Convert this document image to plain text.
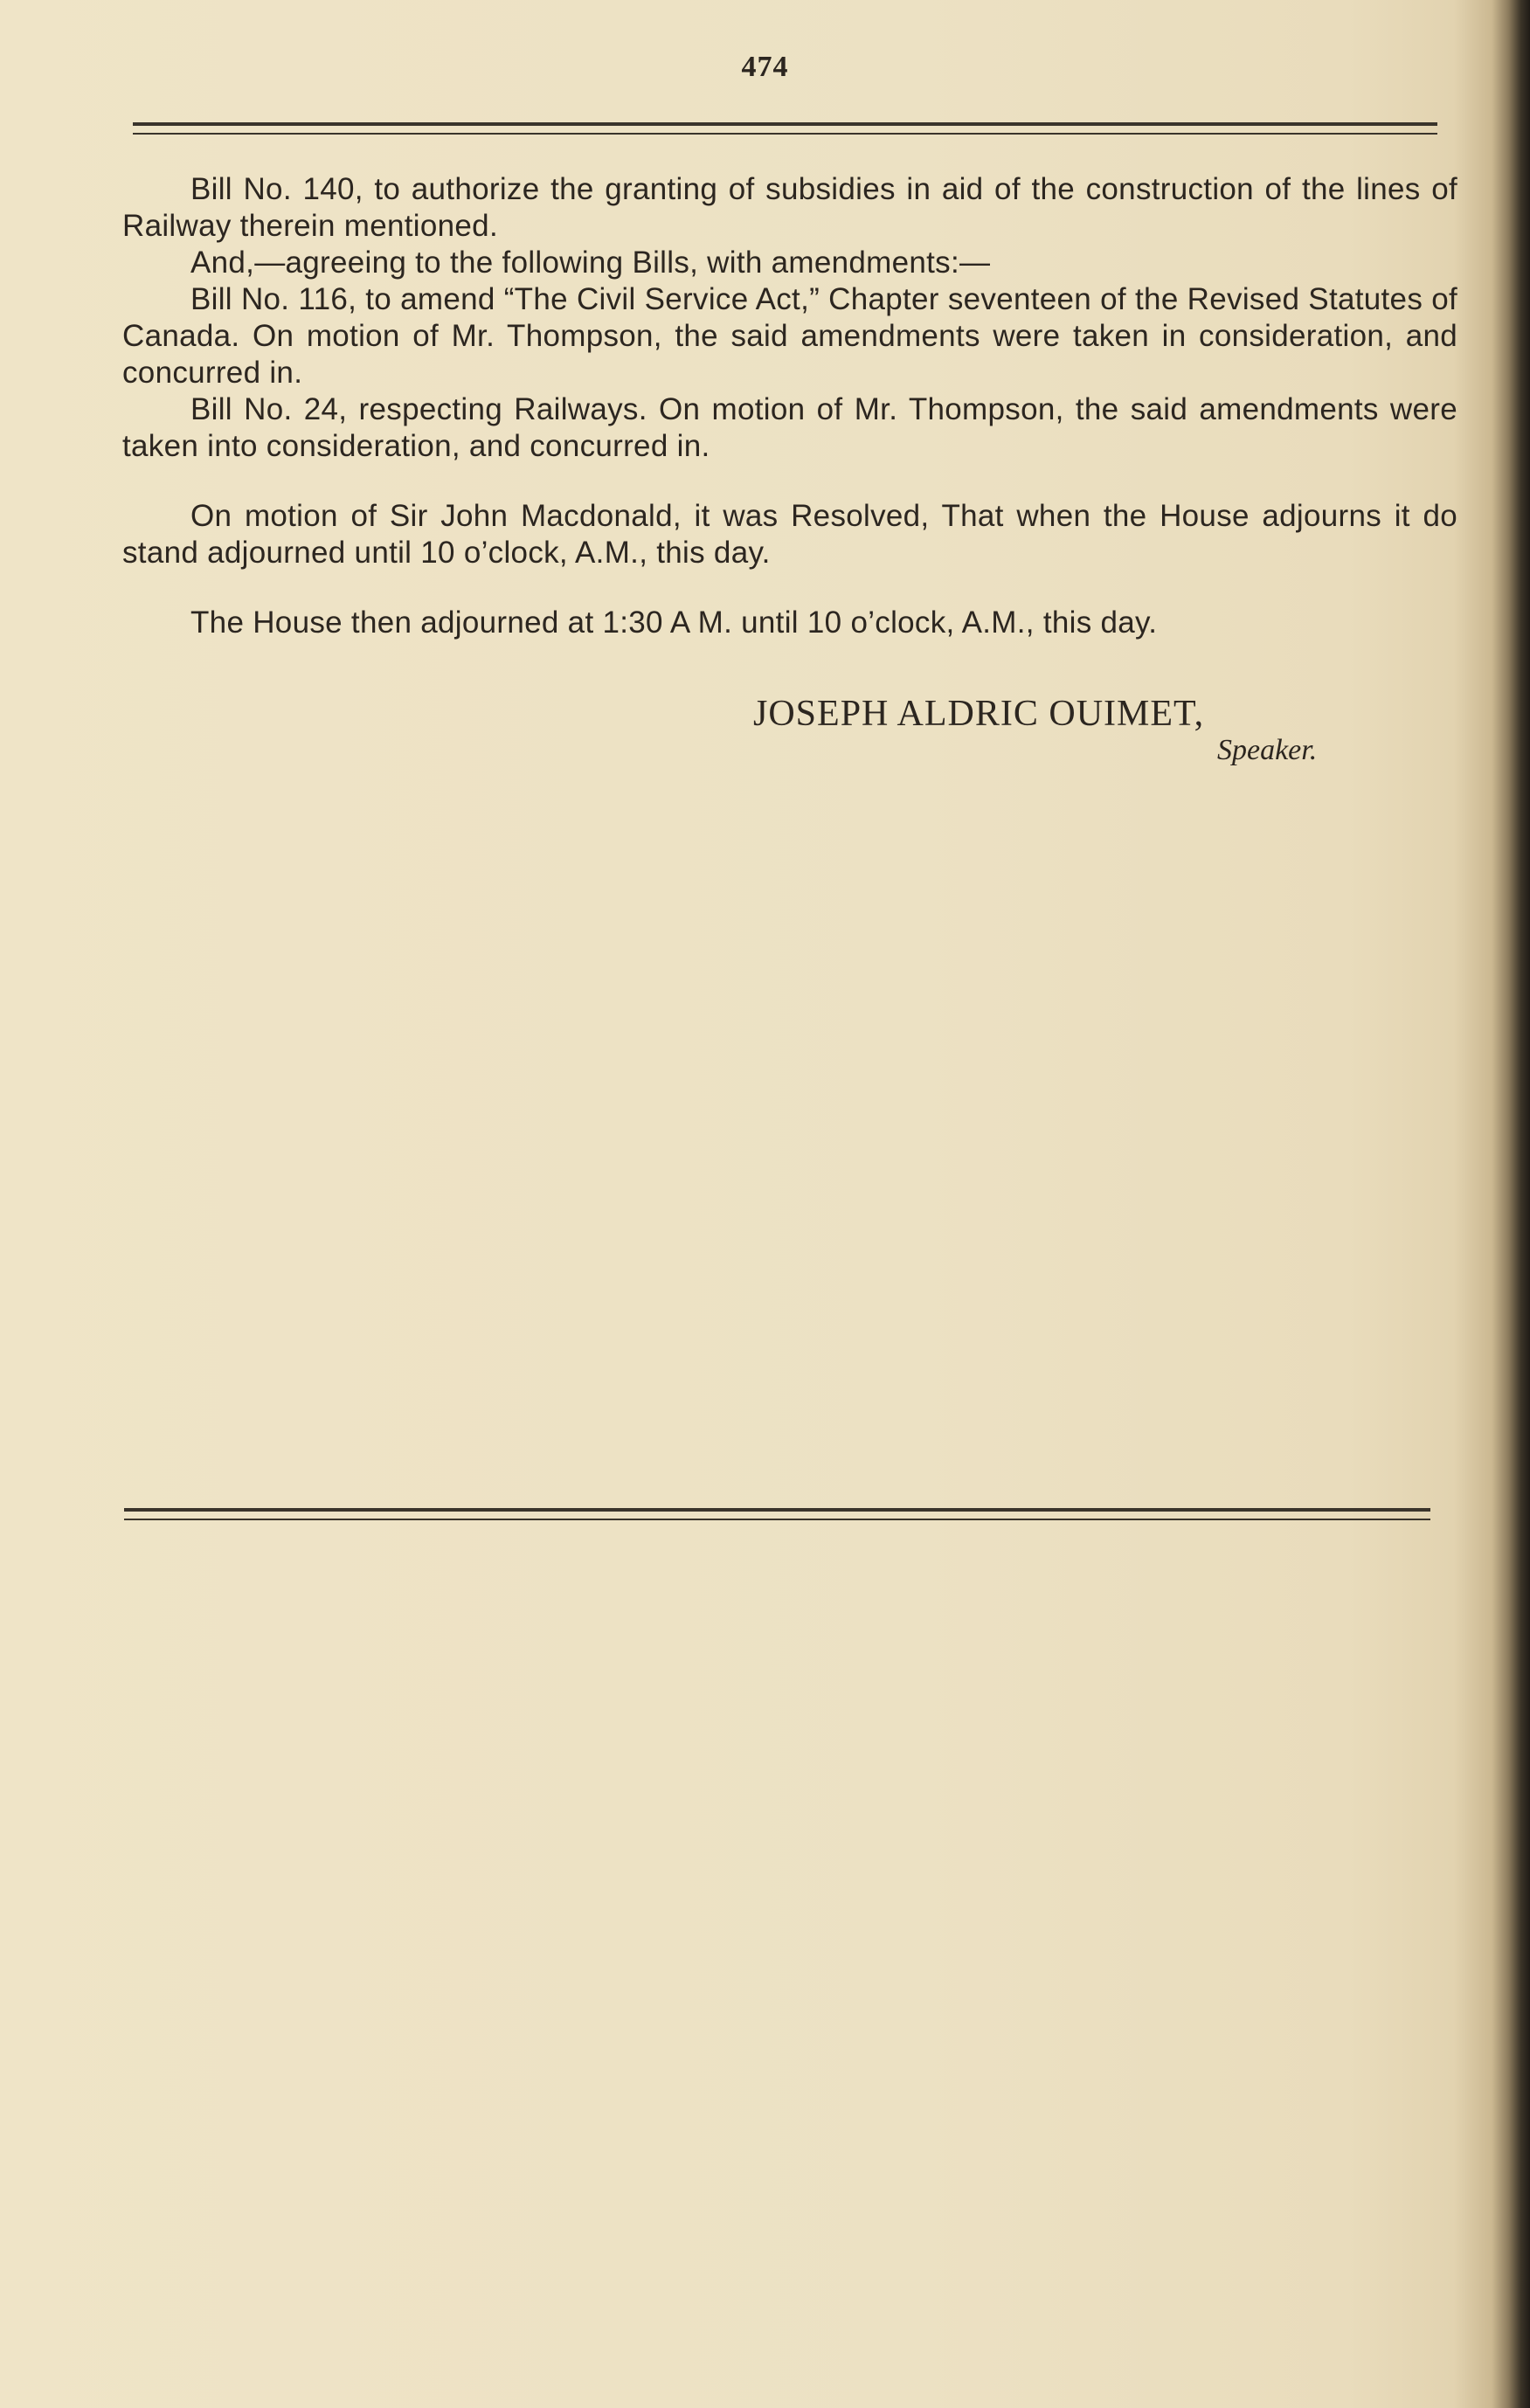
474

Bill No. 140, to authorize the granting of subsidies in aid of the construction of the lines of Railway therein mentioned.

And,—agreeing to the following Bills, with amendments:—

Bill No. 116, to amend “The Civil Service Act,” Chapter seventeen of the Revised Statutes of Canada. On motion of Mr. Thompson, the said amendments were taken in consideration, and concurred in.

Bill No. 24, respecting Railways. On motion of Mr. Thompson, the said amendments were taken into consideration, and concurred in.

On motion of Sir John Macdonald, it was Resolved, That when the House adjourns it do stand adjourned until 10 o’clock, A.M., this day.

The House then adjourned at 1:30 A M. until 10 o’clock, A.M., this day.

JOSEPH ALDRIC OUIMET,
Speaker.
